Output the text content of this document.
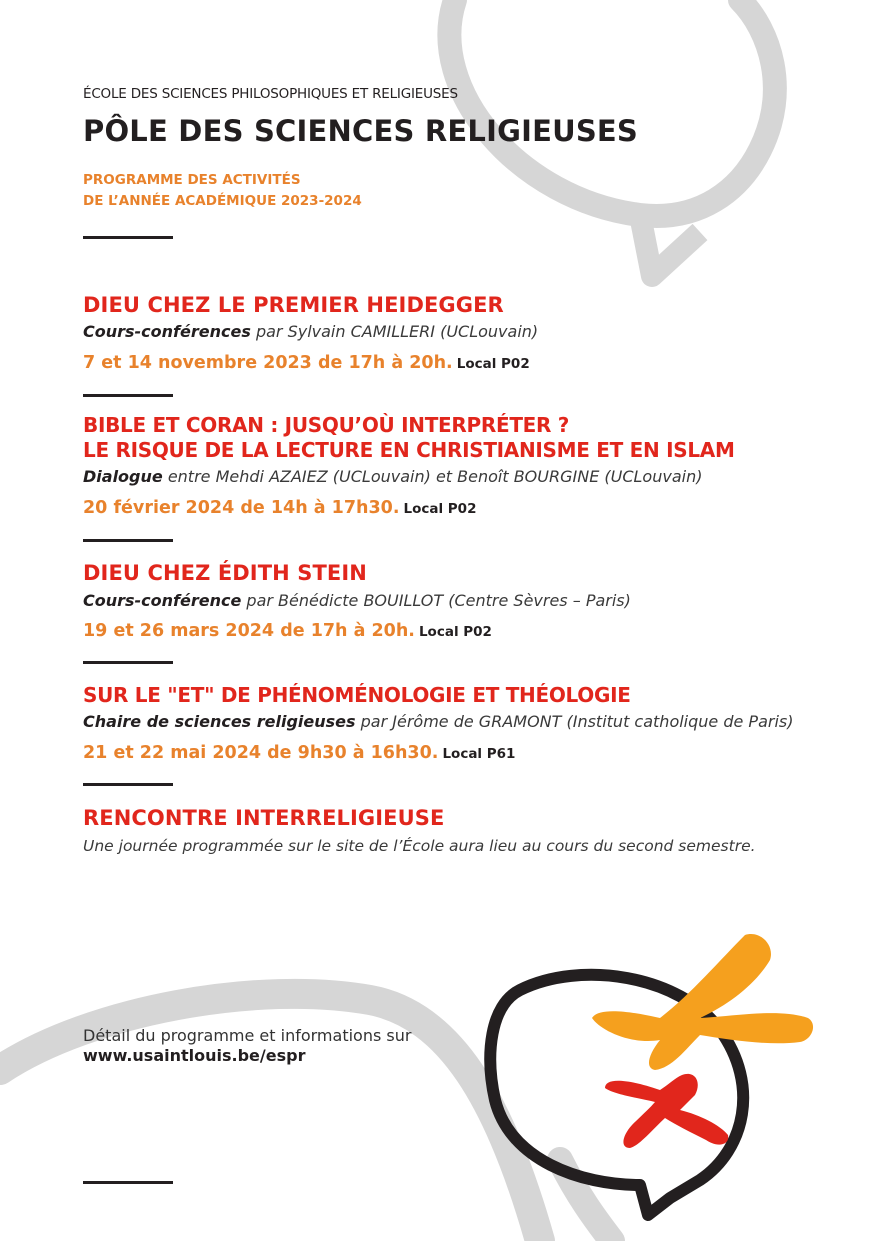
ÉCOLE DES SCIENCES PHILOSOPHIQUES ET RELIGIEUSES
PÔLE DES SCIENCES RELIGIEUSES
PROGRAMME DES ACTIVITÉS
DE L’ANNÉE ACADÉMIQUE 2023-2024
DIEU CHEZ LE PREMIER HEIDEGGER
Cours-conférences par Sylvain CAMILLERI (UCLouvain)
7 et 14 novembre 2023 de 17h à 20h. Local P02
BIBLE ET CORAN : JUSQU’OÙ INTERPRÉTER ?
LE RISQUE DE LA LECTURE EN CHRISTIANISME ET EN ISLAM
Dialogue entre Mehdi AZAIEZ (UCLouvain) et Benoît BOURGINE (UCLouvain)
20 février 2024 de 14h à 17h30. Local P02
DIEU CHEZ ÉDITH STEIN
Cours-conférence par Bénédicte BOUILLOT (Centre Sèvres – Paris)
19 et 26 mars 2024 de 17h à 20h. Local P02
SUR LE "ET" DE PHÉNOMÉNOLOGIE ET THÉOLOGIE
Chaire de sciences religieuses par Jérôme de GRAMONT (Institut catholique de Paris)
21 et 22 mai 2024 de 9h30 à 16h30. Local P61
RENCONTRE INTERRELIGIEUSE
Une journée programmée sur le site de l’École aura lieu au cours du second semestre.
Détail du programme et informations sur
www.usaintlouis.be/espr
